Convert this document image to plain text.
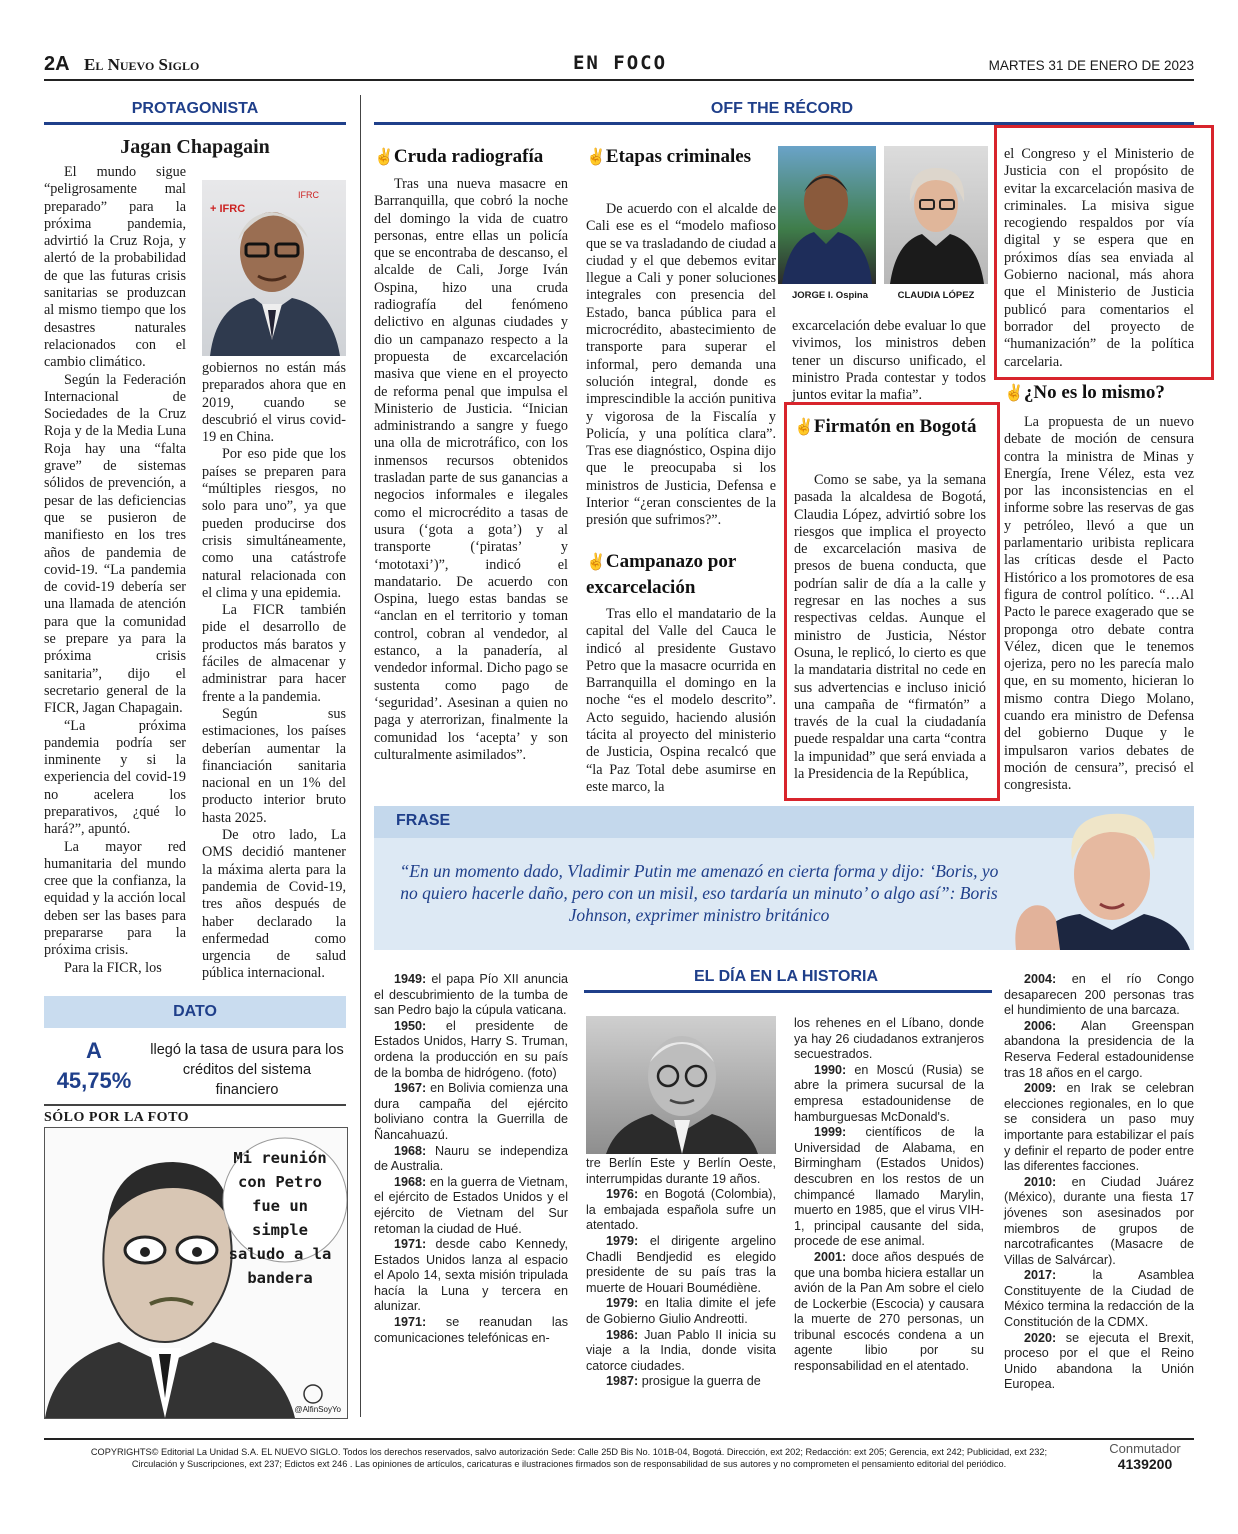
2A El Nuevo Siglo	EN FOCO	MARTES 31 DE ENERO DE 2023
PROTAGONISTA
Jagan Chapagain

El mundo sigue “peligrosamente mal preparado” para la próxima pandemia, advirtió la Cruz Roja, y alertó de la probabilidad de que las futuras crisis sanitarias se produzcan al mismo tiempo que los desastres naturales relacionados con el cambio climático.

Según la Federación Internacional de Sociedades de la Cruz Roja y de la Media Luna Roja hay una “falta grave” de sistemas sólidos de prevención, a pesar de las deficiencias que se pusieron de manifiesto en los tres años de pandemia de covid-19. “La pandemia de covid-19 debería ser una llamada de atención para que la comunidad se prepare ya para la próxima crisis sanitaria”, dijo el secretario general de la FICR, Jagan Chapagain.

“La próxima pandemia podría ser inminente y si la experiencia del covid-19 no acelera los preparativos, ¿qué lo hará?”, apuntó.

La mayor red humanitaria del mundo cree que la confianza, la equidad y la acción local deben ser las bases para prepararse para la próxima crisis.

Para la FICR, los

+ IFRC
IFRC

gobiernos no están más preparados ahora que en 2019, cuando se descubrió el virus covid-19 en China.

Por eso pide que los países se preparen para “múltiples riesgos, no solo para uno”, ya que pueden producirse dos crisis simultáneamente, como una catástrofe natural relacionada con el clima y una epidemia.

La FICR también pide el desarrollo de productos más baratos y fáciles de almacenar y administrar para hacer frente a la pandemia.

Según sus estimaciones, los países deberían aumentar la financiación sanitaria nacional en un 1% del producto interior bruto hasta 2025.

De otro lado, La OMS decidió mantener la máxima alerta para la pandemia de Covid-19, tres años después de haber declarado la enfermedad como urgencia de salud pública internacional.

DATO
A
45,75%
llegó la tasa de usura para los créditos del sistema financiero
SÓLO POR LA FOTO
Mi reunión con Petro fue un simple saludo a la bandera
@AlfinSoyYo
OFF THE RÉCORD
✌Cruda radiografía

Tras una nueva masacre en Barranquilla, que cobró la noche del domingo la vida de cuatro personas, entre ellas un policía que se encontraba de descanso, el alcalde de Cali, Jorge Iván Ospina, hizo una cruda radiografía del fenómeno delictivo en algunas ciudades y dio un campanazo respecto a la propuesta de excarcelación masiva que viene en el proyecto de reforma penal que impulsa el Ministerio de Justicia. “Inician administrando a sangre y fuego una olla de microtráfico, con los inmensos recursos obtenidos trasladan parte de sus ganancias a negocios informales e ilegales como el microcrédito a tasas de usura (‘gota a gota’) y al transporte (‘piratas’ y ‘mototaxi’)”, indicó el mandatario. De acuerdo con Ospina, luego estas bandas se “anclan en el territorio y toman control, cobran al vendedor, al estanco, a la panadería, al vendedor informal. Dicho pago se sustenta como pago de ‘seguridad’. Asesinan a quien no paga y aterrorizan, finalmente la comunidad los ‘acepta’ y son culturalmente asimilados”.

✌Etapas criminales

De acuerdo con el alcalde de Cali ese es el “modelo mafioso que se va trasladando de ciudad a ciudad y el que debemos evitar llegue a Cali y poner soluciones integrales con presencia del Estado, banca pública para el microcrédito, abastecimiento de transporte para superar el informal, pero demanda una solución integral, donde es imprescindible la acción punitiva y vigorosa de la Fiscalía y Policía, y una política clara”. Tras ese diagnóstico, Ospina dijo que le preocupaba si los ministros de Justicia, Defensa e Interior “¿eran conscientes de la presión que sufrimos?”.

✌Campanazo por excarcelación

Tras ello el mandatario de la capital del Valle del Cauca le indicó al presidente Gustavo Petro que la masacre ocurrida en Barranquilla el domingo en la noche “es el modelo descrito”. Acto seguido, haciendo alusión tácita al proyecto del ministerio de Justicia, Ospina recalcó que “la Paz Total debe asumirse en este marco, la

JORGE I. Ospina	CLAUDIA LÓPEZ

excarcelación debe evaluar lo que vivimos, los ministros deben tener un discurso unificado, el ministro Prada contestar y todos juntos evitar la mafia”.

✌Firmatón en Bogotá

Como se sabe, ya la semana pasada la alcaldesa de Bogotá, Claudia López, advirtió sobre los riesgos que implica el proyecto de excarcelación masiva de presos de buena conducta, que podrían salir de día a la calle y regresar en las noches a sus respectivas celdas. Aunque el ministro de Justicia, Néstor Osuna, le replicó, lo cierto es que la mandataria distrital no cede en sus advertencias e incluso inició una campaña de “firmatón” a través de la cual la ciudadanía puede respaldar una carta “contra la impunidad” que será enviada a la Presidencia de la República,

el Congreso y el Ministerio de Justicia con el propósito de evitar la excarcelación masiva de criminales. La misiva sigue recogiendo respaldos por vía digital y se espera que en próximos días sea enviada al Gobierno nacional, más ahora que el Ministerio de Justicia publicó para comentarios el borrador del proyecto de “humanización” de la política carcelaria.

✌¿No es lo mismo?

La propuesta de un nuevo debate de moción de censura contra la ministra de Minas y Energía, Irene Vélez, esta vez por las inconsistencias en el informe sobre las reservas de gas y petróleo, llevó a que un parlamentario uribista replicara las críticas desde el Pacto Histórico a los promotores de esa figura de control político. “…Al Pacto le parece exagerado que se proponga otro debate contra Vélez, dicen que le tenemos ojeriza, pero no les parecía malo que, en su momento, hicieran lo mismo contra Diego Molano, cuando era ministro de Defensa del gobierno Duque y le impulsaron varios debates de moción de censura”, precisó el congresista.

FRASE
“En un momento dado, Vladimir Putin me amenazó en cierta forma y dijo: ‘Boris, yo no quiero hacerle daño, pero con un misil, eso tardaría un minuto’ o algo así”: Boris Johnson, exprimer ministro británico
EL DÍA EN LA HISTORIA

1949: el papa Pío XII anuncia el descubrimiento de la tumba de san Pedro bajo la cúpula vaticana.

1950: el presidente de Estados Unidos, Harry S. Truman, ordena la producción en su país de la bomba de hidrógeno. (foto)

1967: en Bolivia comienza una dura campaña del ejército boliviano contra la Guerrilla de Ñancahuazú.

1968: Nauru se independiza de Australia.

1968: en la guerra de Vietnam, el ejército de Estados Unidos y el ejército de Vietnam del Sur retoman la ciudad de Hué.

1971: desde cabo Kennedy, Estados Unidos lanza al espacio el Apolo 14, sexta misión tripulada hacía la Luna y tercera en alunizar.

1971: se reanudan las comunicaciones telefónicas en-

tre Berlín Este y Berlín Oeste, interrumpidas durante 19 años.

1976: en Bogotá (Colombia), la embajada española sufre un atentado.

1979: el dirigente argelino Chadli Bendjedid es elegido presidente de su país tras la muerte de Houari Boumédiène.

1979: en Italia dimite el jefe de Gobierno Giulio Andreotti.

1986: Juan Pablo II inicia su viaje a la India, donde visita catorce ciudades.

1987: prosigue la guerra de

los rehenes en el Líbano, donde ya hay 26 ciudadanos extranjeros secuestrados.

1990: en Moscú (Rusia) se abre la primera sucursal de la empresa estadounidense de hamburguesas McDonald's.

1999: científicos de la Universidad de Alabama, en Birmingham (Estados Unidos) descubren en los restos de un chimpancé llamado Marylin, muerto en 1985, que el virus VIH-1, principal causante del sida, procede de ese animal.

2001: doce años después de que una bomba hiciera estallar un avión de la Pan Am sobre el cielo de Lockerbie (Escocia) y causara la muerte de 270 personas, un tribunal escocés condena a un agente libio por su responsabilidad en el atentado.

2004: en el río Congo desaparecen 200 personas tras el hundimiento de una barcaza.

2006: Alan Greenspan abandona la presidencia de la Reserva Federal estadounidense tras 18 años en el cargo.

2009: en Irak se celebran elecciones regionales, en lo que se considera un paso muy importante para estabilizar el país y definir el reparto de poder entre las diferentes facciones.

2010: en Ciudad Juárez (México), durante una fiesta 17 jóvenes son asesinados por miembros de grupos de narcotraficantes (Masacre de Villas de Salvárcar).

2017: la Asamblea Constituyente de la Ciudad de México termina la redacción de la Constitución de la CDMX.

2020: se ejecuta el Brexit, proceso por el que el Reino Unido abandona la Unión Europea.

COPYRIGHTS© Editorial La Unidad S.A. EL NUEVO SIGLO. Todos los derechos reservados, salvo autorización Sede: Calle 25D Bis No. 101B-04, Bogotá. Dirección, ext 202; Redacción: ext 205; Gerencia, ext 242; Publicidad, ext 232;
Circulación y Suscripciones, ext 237; Edictos ext 246 . Las opiniones de artículos, caricaturas e ilustraciones firmados son de responsabilidad de sus autores y no comprometen el pensamiento editorial del periódico.
Conmutador
4139200
